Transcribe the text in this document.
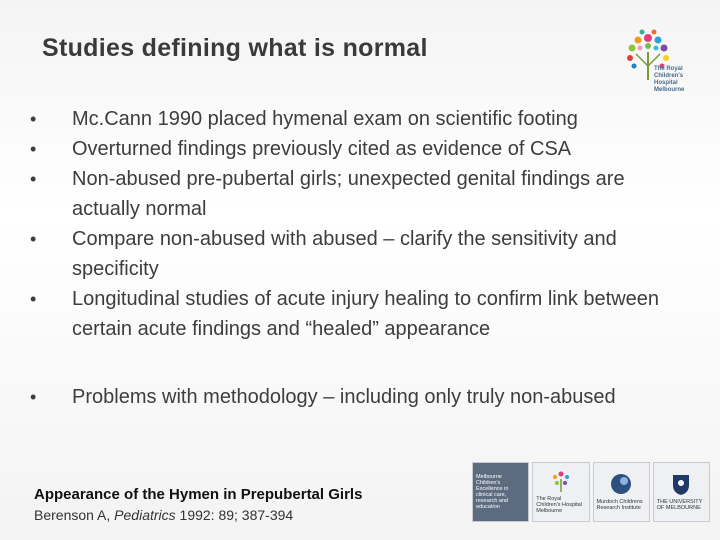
Studies defining what is normal
The Royal
Children's
Hospital
Melbourne
• Mc.Cann 1990 placed hymenal exam on scientific footing
• Overturned findings previously cited as evidence of CSA
• Non-abused pre-pubertal girls; unexpected genital findings are actually normal
• Compare non-abused with abused – clarify the sensitivity and specificity
• Longitudinal studies of acute injury healing to confirm link between certain acute findings and “healed” appearance
• Problems with methodology – including only truly non-abused
Appearance of the Hymen in Prepubertal Girls
Berenson A, Pediatrics 1992: 89; 387-394
Melbourne Children's Excellence in clinical care, research and education
The Royal Children's Hospital Melbourne
Murdoch Childrens Research Institute
THE UNIVERSITY OF MELBOURNE
